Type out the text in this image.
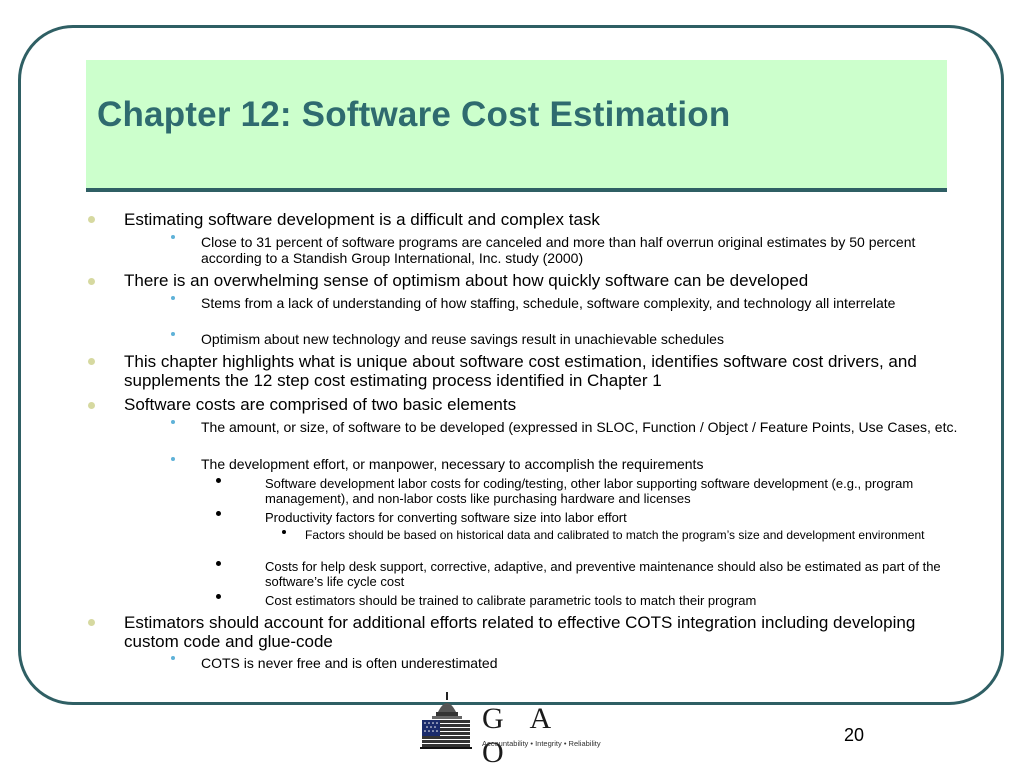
Chapter 12: Software Cost Estimation
Estimating software development is a difficult and complex task
Close to 31 percent of software programs are canceled and more than half overrun original estimates by 50 percent according to a Standish Group International, Inc. study (2000)
There is an overwhelming sense of optimism about how quickly software can be developed
Stems from a lack of understanding of how staffing, schedule, software complexity, and technology all interrelate
Optimism about new technology and reuse savings result in unachievable schedules
This chapter highlights what is unique about software cost estimation, identifies software cost drivers, and supplements the 12 step cost estimating process identified in Chapter 1
Software costs are comprised of two basic elements
The amount, or size, of software to be developed (expressed in SLOC, Function / Object / Feature Points, Use Cases, etc.
The development effort, or manpower, necessary to accomplish the requirements
Software development labor costs for coding/testing, other labor supporting software development (e.g., program management), and non-labor costs like purchasing hardware and licenses
Productivity factors for converting software size into labor effort
Factors should be based on historical data and calibrated to match the program’s size and development environment
Costs for help desk support, corrective, adaptive, and preventive maintenance should also be estimated as part of the software’s life cycle cost
Cost estimators should be trained to calibrate parametric tools to match their program
Estimators should account for additional efforts related to effective COTS integration including developing custom code and glue-code
COTS is never free and is often underestimated
G A O
Accountability • Integrity • Reliability	20
